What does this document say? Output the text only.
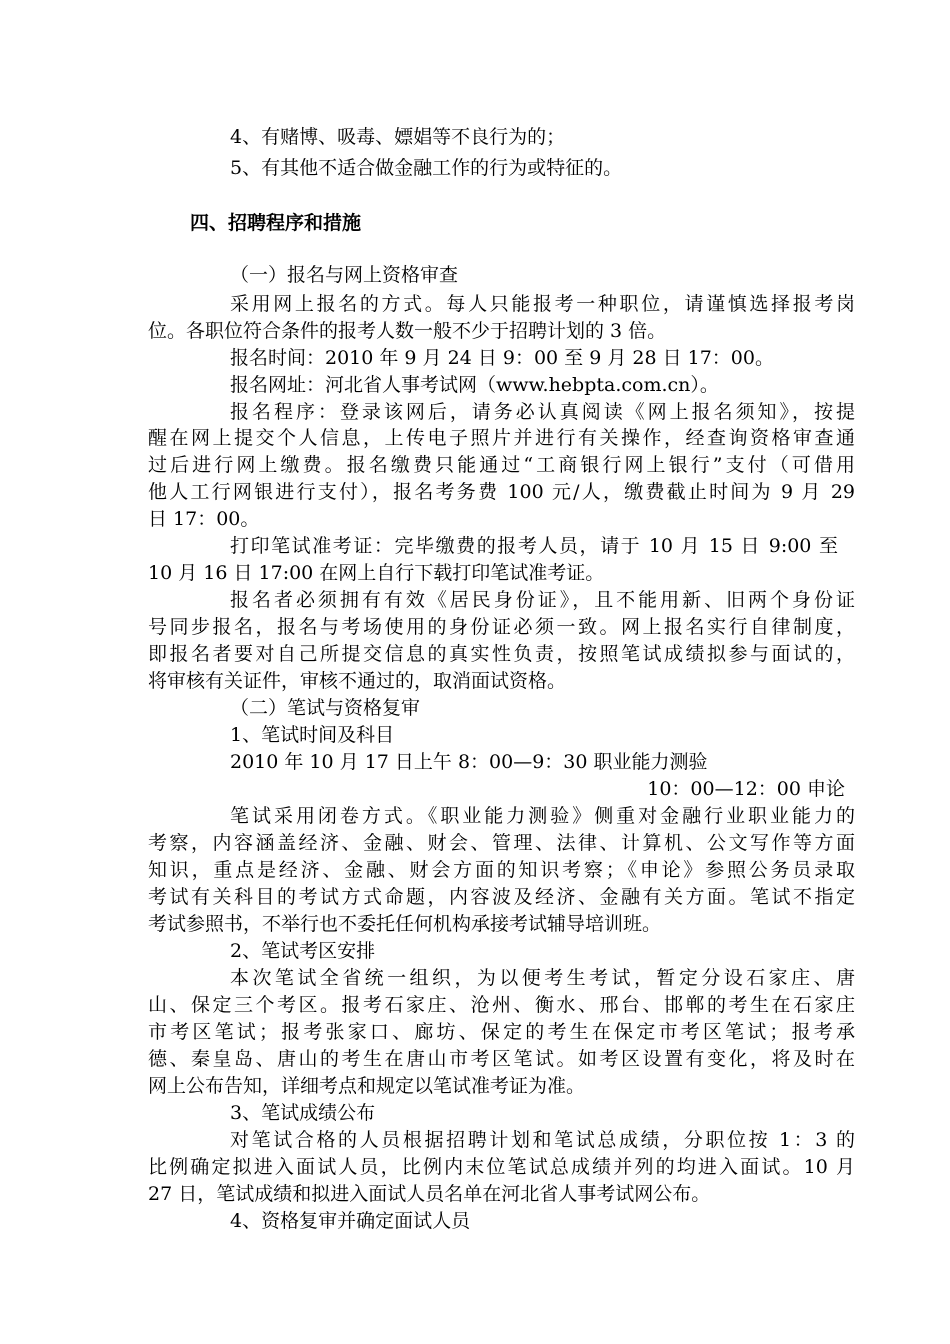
4、有赌博、吸毒、嫖娼等不良行为的；

5、有其他不适合做金融工作的行为或特征的。

四、招聘程序和措施

（一）报名与网上资格审查

采用网上报名的方式。每人只能报考一种职位，请谨慎选择报考岗

位。各职位符合条件的报考人数一般不少于招聘计划的 3 倍。

报名时间：2010 年 9 月 24 日 9：00 至 9 月 28 日 17：00。

报名网址：河北省人事考试网（www.hebpta.com.cn）。

报名程序：登录该网后，请务必认真阅读《网上报名须知》，按提

醒在网上提交个人信息，上传电子照片并进行有关操作，经查询资格审查通

过后进行网上缴费。报名缴费只能通过“工商银行网上银行”支付（可借用

他人工行网银进行支付），报名考务费 100 元/人，缴费截止时间为 9 月 29

日 17：00。

打印笔试准考证：完毕缴费的报考人员，请于 10 月 15 日 9:00 至

10 月 16 日 17:00 在网上自行下载打印笔试准考证。

报名者必须拥有有效《居民身份证》，且不能用新、旧两个身份证

号同步报名，报名与考场使用的身份证必须一致。网上报名实行自律制度，

即报名者要对自己所提交信息的真实性负责，按照笔试成绩拟参与面试的，

将审核有关证件，审核不通过的，取消面试资格。

（二）笔试与资格复审

1、笔试时间及科目

2010 年 10 月 17 日上午 8：00—9：30 职业能力测验

10：00—12：00 申论

笔试采用闭卷方式。《职业能力测验》侧重对金融行业职业能力的

考察，内容涵盖经济、金融、财会、管理、法律、计算机、公文写作等方面

知识，重点是经济、金融、财会方面的知识考察；《申论》参照公务员录取

考试有关科目的考试方式命题，内容波及经济、金融有关方面。笔试不指定

考试参照书，不举行也不委托任何机构承接考试辅导培训班。

2、笔试考区安排

本次笔试全省统一组织，为以便考生考试，暂定分设石家庄、唐

山、保定三个考区。报考石家庄、沧州、衡水、邢台、邯郸的考生在石家庄

市考区笔试；报考张家口、廊坊、保定的考生在保定市考区笔试；报考承

德、秦皇岛、唐山的考生在唐山市考区笔试。如考区设置有变化，将及时在

网上公布告知，详细考点和规定以笔试准考证为准。

3、笔试成绩公布

对笔试合格的人员根据招聘计划和笔试总成绩，分职位按 1：3 的

比例确定拟进入面试人员，比例内末位笔试总成绩并列的均进入面试。10 月

27 日，笔试成绩和拟进入面试人员名单在河北省人事考试网公布。

4、资格复审并确定面试人员
